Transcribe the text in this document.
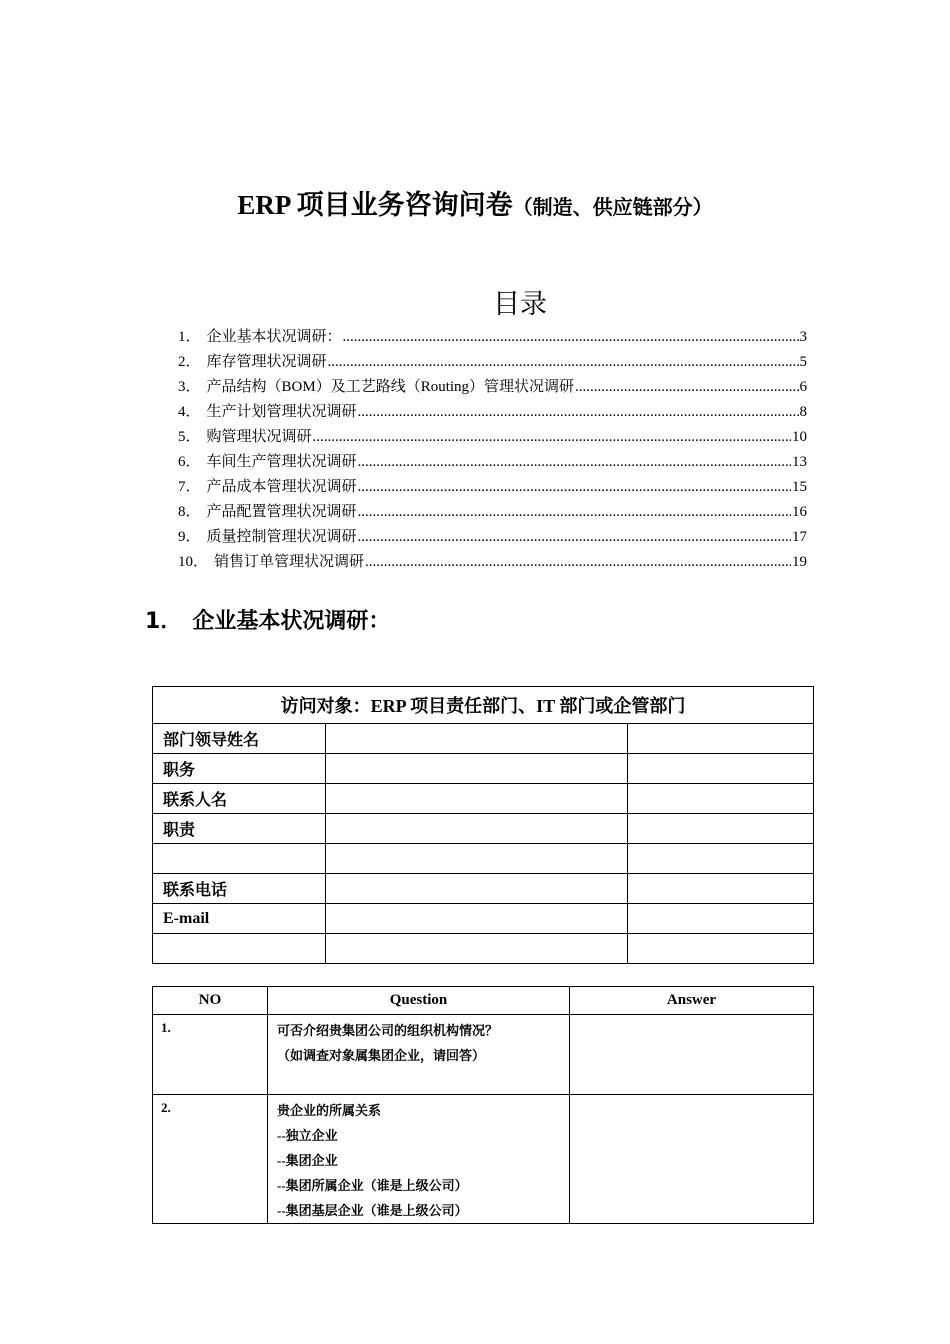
ERP 项目业务咨询问卷（制造、供应链部分）
目录
1． 企业基本状况调研： .....	3
2． 库存管理状况调研 .....	5
3． 产品结构（BOM）及工艺路线（Routing）管理状况调研 .....	6
4． 生产计划管理状况调研 .....	8
5． 购管理状况调研 .....	10
6． 车间生产管理状况调研 .....	13
7． 产品成本管理状况调研 .....	15
8． 产品配置管理状况调研 .....	16
9． 质量控制管理状况调研 .....	17
10． 销售订单管理状况调研 .....	19
1． 企业基本状况调研：
访问对象：ERP 项目责任部门、IT 部门或企管部门		
部门领导姓名		
职务		
联系人名		
职责		

联系电话		
E-mail		

NO	Question	Answer
1.	可否介绍贵集团公司的组织机构情况？
（如调查对象属集团企业，请回答）	

2.	贵企业的所属关系
--独立企业
--集团企业
--集团所属企业（谁是上级公司）
--集团基层企业（谁是上级公司）	
